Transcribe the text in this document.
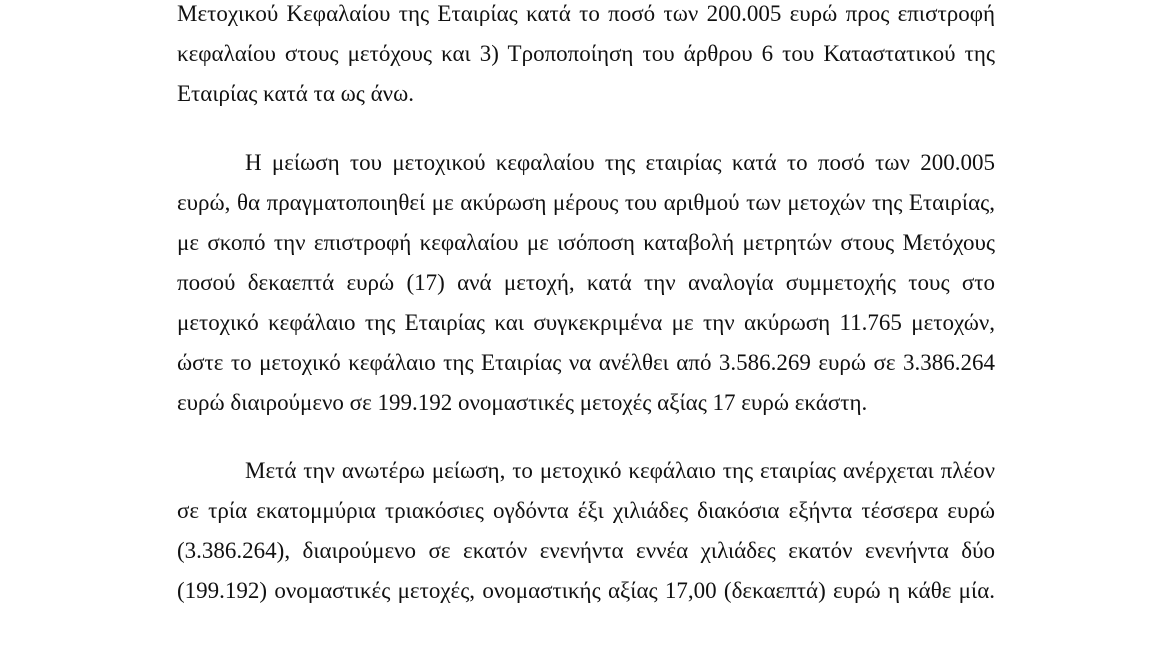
Μετοχικού Κεφαλαίου της Εταιρίας κατά το ποσό των 200.005 ευρώ προς επιστροφή
κεφαλαίου στους μετόχους και 3) Τροποποίηση του άρθρου 6 του Καταστατικού της
Εταιρίας κατά τα ως άνω.
Η μείωση του μετοχικού κεφαλαίου της εταιρίας κατά το ποσό των 200.005
ευρώ, θα πραγματοποιηθεί με ακύρωση μέρους του αριθμού των μετοχών της Εταιρίας,
με σκοπό την επιστροφή κεφαλαίου με ισόποση καταβολή μετρητών στους Μετόχους
ποσού δεκαεπτά ευρώ (17) ανά μετοχή, κατά την αναλογία συμμετοχής τους στο
μετοχικό κεφάλαιο της Εταιρίας και συγκεκριμένα με την ακύρωση 11.765 μετοχών,
ώστε το μετοχικό κεφάλαιο της Εταιρίας να ανέλθει από 3.586.269 ευρώ σε 3.386.264
ευρώ διαιρούμενο σε 199.192 ονομαστικές μετοχές αξίας 17 ευρώ εκάστη.
Μετά την ανωτέρω μείωση, το μετοχικό κεφάλαιο της εταιρίας ανέρχεται πλέον
σε τρία εκατομμύρια τριακόσιες ογδόντα έξι χιλιάδες διακόσια εξήντα τέσσερα ευρώ
(3.386.264), διαιρούμενο σε εκατόν ενενήντα εννέα χιλιάδες εκατόν ενενήντα δύο
(199.192) ονομαστικές μετοχές, ονομαστικής αξίας 17,00 (δεκαεπτά) ευρώ η κάθε μία.
